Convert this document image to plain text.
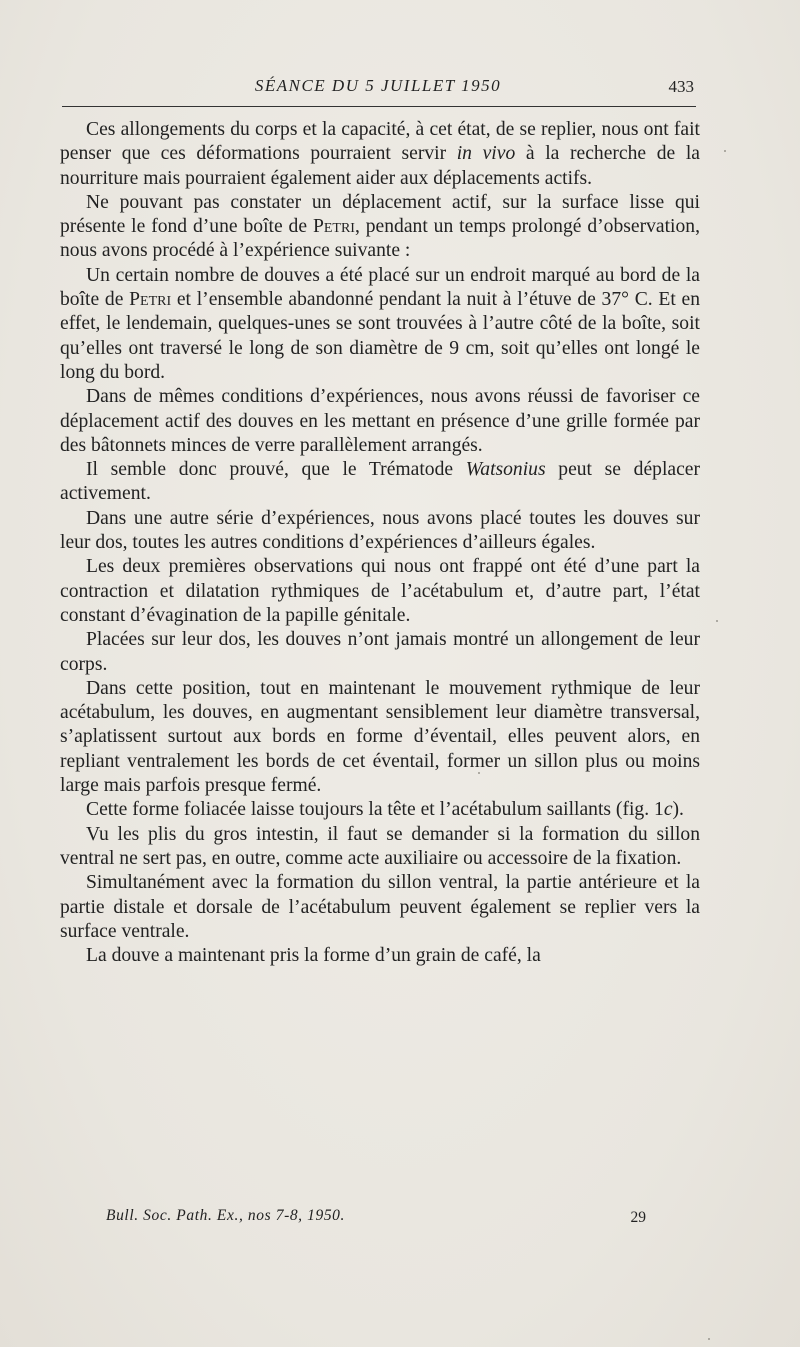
SÉANCE DU 5 JUILLET 1950	433

Ces allongements du corps et la capacité, à cet état, de se replier, nous ont fait penser que ces déformations pourraient servir in vivo à la recherche de la nourriture mais pourraient également aider aux déplacements actifs.

Ne pouvant pas constater un déplacement actif, sur la surface lisse qui présente le fond d’une boîte de Petri, pendant un temps prolongé d’observation, nous avons procédé à l’expérience suivante :

Un certain nombre de douves a été placé sur un endroit marqué au bord de la boîte de Petri et l’ensemble abandonné pendant la nuit à l’étuve de 37° C. Et en effet, le lendemain, quelques-unes se sont trouvées à l’autre côté de la boîte, soit qu’elles ont traversé le long de son diamètre de 9 cm, soit qu’elles ont longé le long du bord.

Dans de mêmes conditions d’expériences, nous avons réussi de favoriser ce déplacement actif des douves en les mettant en présence d’une grille formée par des bâtonnets minces de verre parallèlement arrangés.

Il semble donc prouvé, que le Trématode Watsonius peut se déplacer activement.

Dans une autre série d’expériences, nous avons placé toutes les douves sur leur dos, toutes les autres conditions d’expériences d’ailleurs égales.

Les deux premières observations qui nous ont frappé ont été d’une part la contraction et dilatation rythmiques de l’acétabulum et, d’autre part, l’état constant d’évagination de la papille génitale.

Placées sur leur dos, les douves n’ont jamais montré un allongement de leur corps.

Dans cette position, tout en maintenant le mouvement rythmique de leur acétabulum, les douves, en augmentant sensiblement leur diamètre transversal, s’aplatissent surtout aux bords en forme d’éventail, elles peuvent alors, en repliant ventralement les bords de cet éventail, former un sillon plus ou moins large mais parfois presque fermé.

Cette forme foliacée laisse toujours la tête et l’acétabulum saillants (fig. 1c).

Vu les plis du gros intestin, il faut se demander si la formation du sillon ventral ne sert pas, en outre, comme acte auxiliaire ou accessoire de la fixation.

Simultanément avec la formation du sillon ventral, la partie antérieure et la partie distale et dorsale de l’acétabulum peuvent également se replier vers la surface ventrale.

La douve a maintenant pris la forme d’un grain de café, la

Bull. Soc. Path. Ex., nos 7-8, 1950.	29
